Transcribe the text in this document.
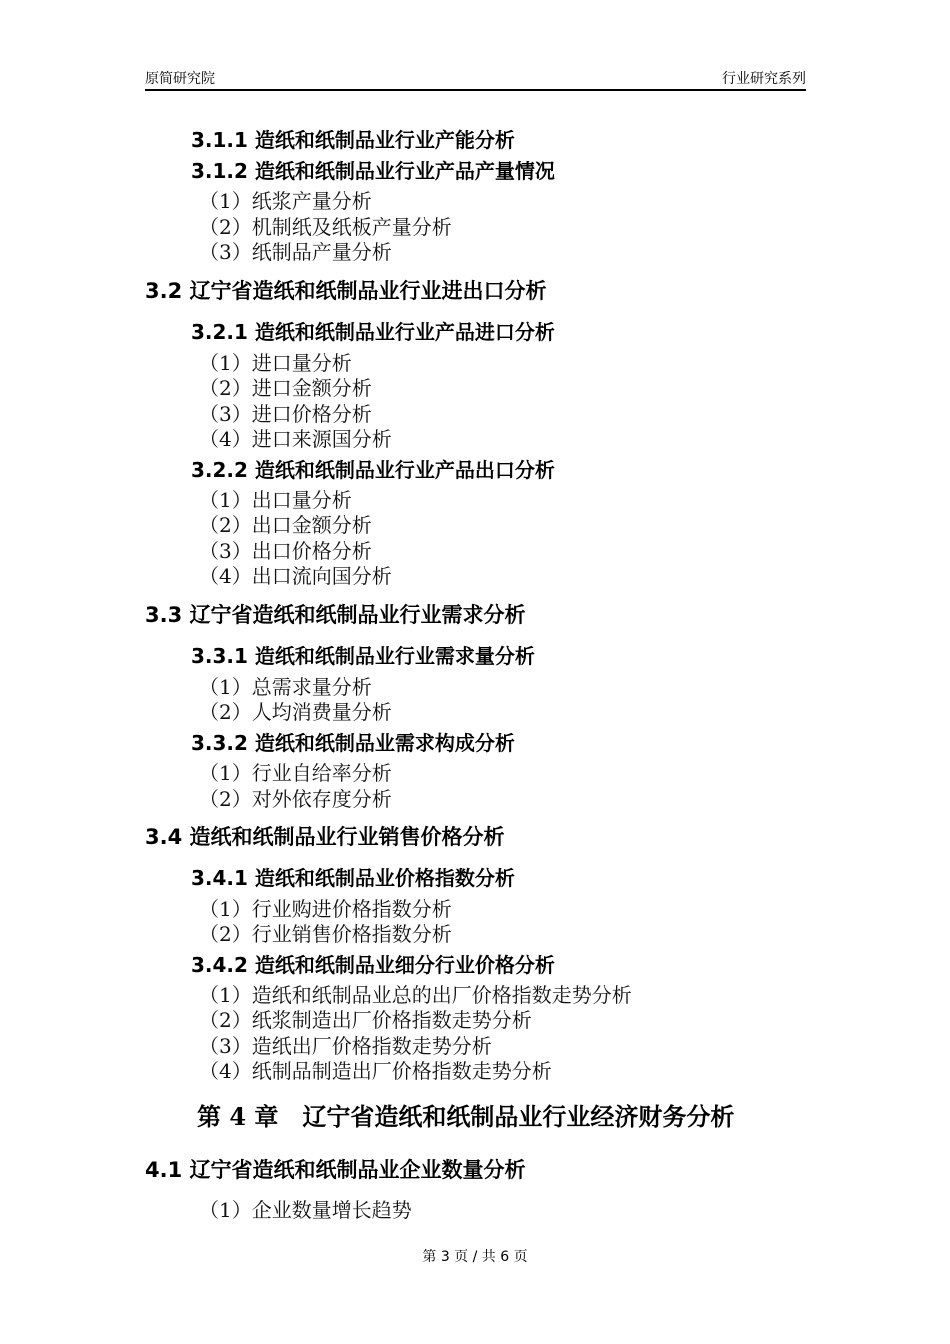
原简研究院	行业研究系列
3.1.1 造纸和纸制品业行业产能分析
3.1.2 造纸和纸制品业行业产品产量情况
（1）纸浆产量分析
（2）机制纸及纸板产量分析
（3）纸制品产量分析
3.2 辽宁省造纸和纸制品业行业进出口分析
3.2.1 造纸和纸制品业行业产品进口分析
（1）进口量分析
（2）进口金额分析
（3）进口价格分析
（4）进口来源国分析
3.2.2 造纸和纸制品业行业产品出口分析
（1）出口量分析
（2）出口金额分析
（3）出口价格分析
（4）出口流向国分析
3.3 辽宁省造纸和纸制品业行业需求分析
3.3.1 造纸和纸制品业行业需求量分析
（1）总需求量分析
（2）人均消费量分析
3.3.2 造纸和纸制品业需求构成分析
（1）行业自给率分析
（2）对外依存度分析
3.4 造纸和纸制品业行业销售价格分析
3.4.1 造纸和纸制品业价格指数分析
（1）行业购进价格指数分析
（2）行业销售价格指数分析
3.4.2 造纸和纸制品业细分行业价格分析
（1）造纸和纸制品业总的出厂价格指数走势分析
（2）纸浆制造出厂价格指数走势分析
（3）造纸出厂价格指数走势分析
（4）纸制品制造出厂价格指数走势分析
第 4 章　辽宁省造纸和纸制品业行业经济财务分析
4.1 辽宁省造纸和纸制品业企业数量分析
（1）企业数量增长趋势
第 3 页 / 共 6 页
